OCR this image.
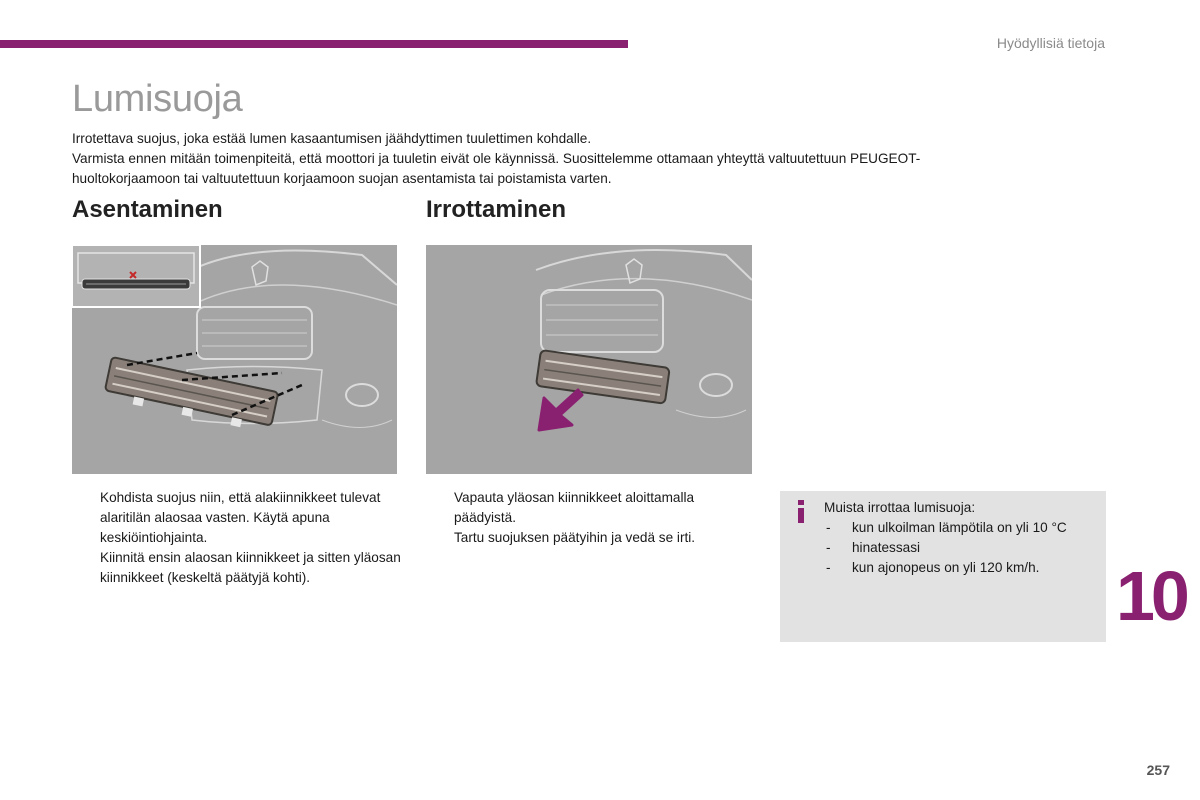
Hyödyllisiä tietoja
Lumisuoja

Irrotettava suojus, joka estää lumen kasaantumisen jäähdyttimen tuulettimen kohdalle.

Varmista ennen mitään toimenpiteitä, että moottori ja tuuletin eivät ole käynnissä. Suosittelemme ottamaan yhteyttä valtuutettuun PEUGEOT-huoltokorjaamoon tai valtuutettuun korjaamoon suojan asentamista tai poistamista varten.

Asentaminen
Kohdista suojus niin, että alakiinnikkeet tulevat alaritilän alaosaa vasten. Käytä apuna keskiöintiohjainta.
Kiinnitä ensin alaosan kiinnikkeet ja sitten yläosan kiinnikkeet (keskeltä päätyjä kohti).
Irrottaminen
Vapauta yläosan kiinnikkeet aloittamalla päädyistä.
Tartu suojuksen päätyihin ja vedä se irti.
Muista irrottaa lumisuoja:
- kun ulkoilman lämpötila on yli 10 °C
- hinatessasi
- kun ajonopeus on yli 120 km/h.	10
257
